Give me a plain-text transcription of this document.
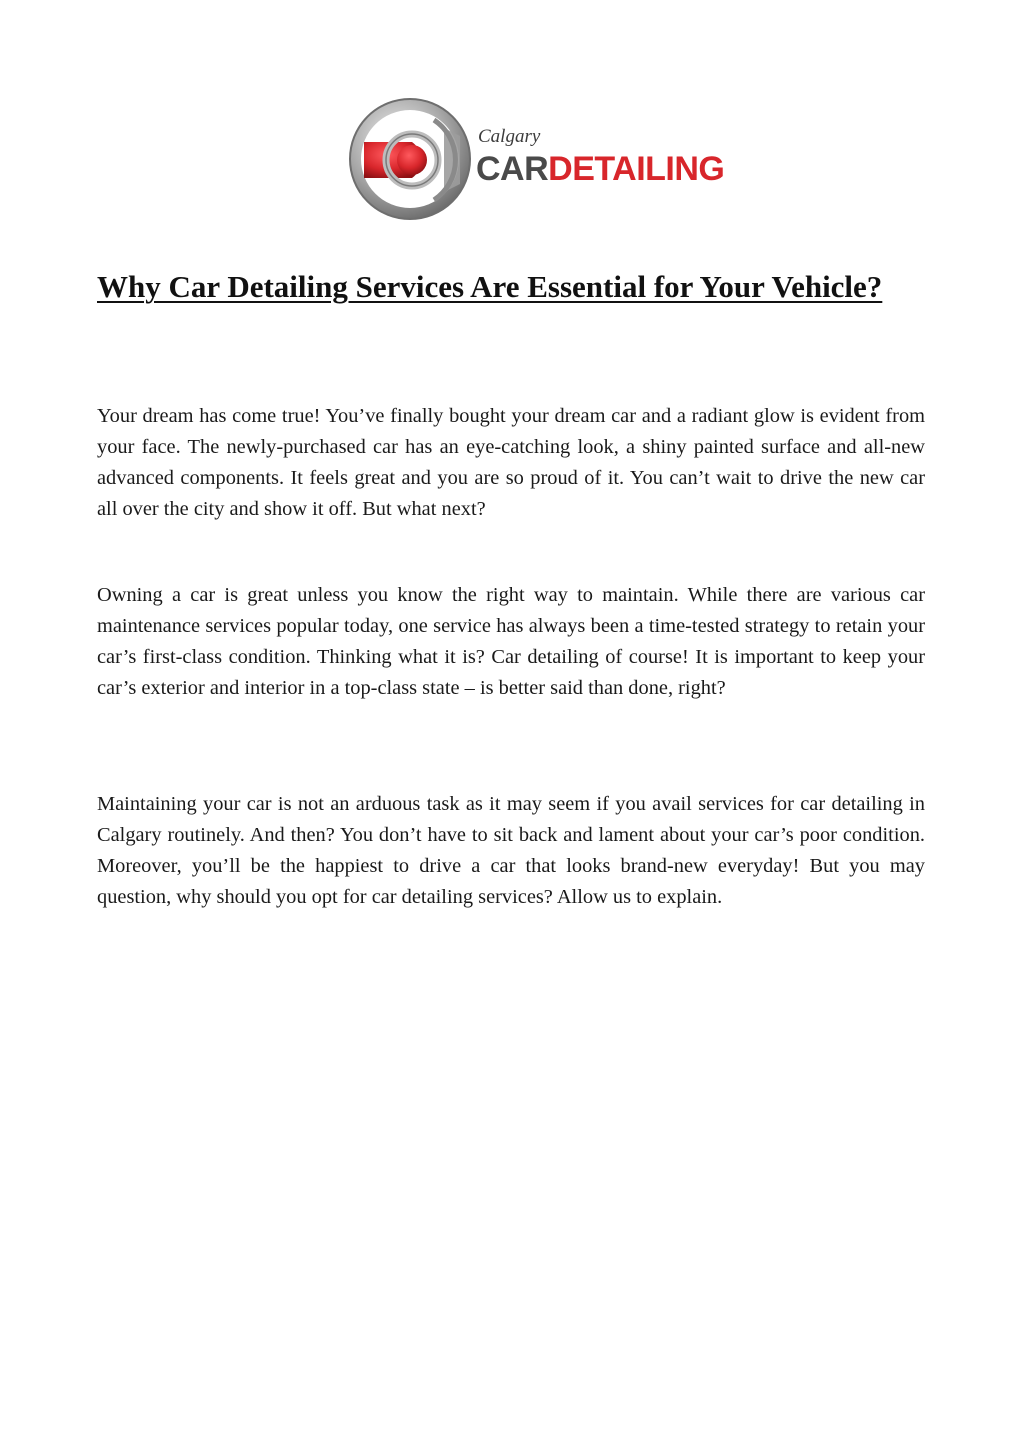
Calgary
CARDETAILING
Why Car Detailing Services Are Essential for Your Vehicle?

Your dream has come true! You’ve finally bought your dream car and a radiant glow is evident from your face. The newly-purchased car has an eye-catching look, a shiny painted surface and all-new advanced components. It feels great and you are so proud of it. You can’t wait to drive the new car all over the city and show it off. But what next?

Owning a car is great unless you know the right way to maintain. While there are various car maintenance services popular today, one service has always been a time-tested strategy to retain your car’s first-class condition. Thinking what it is? Car detailing of course! It is important to keep your car’s exterior and interior in a top-class state – is better said than done, right?

Maintaining your car is not an arduous task as it may seem if you avail services for car detailing in Calgary routinely. And then? You don’t have to sit back and lament about your car’s poor condition. Moreover, you’ll be the happiest to drive a car that looks brand-new everyday! But you may question, why should you opt for car detailing services? Allow us to explain.
